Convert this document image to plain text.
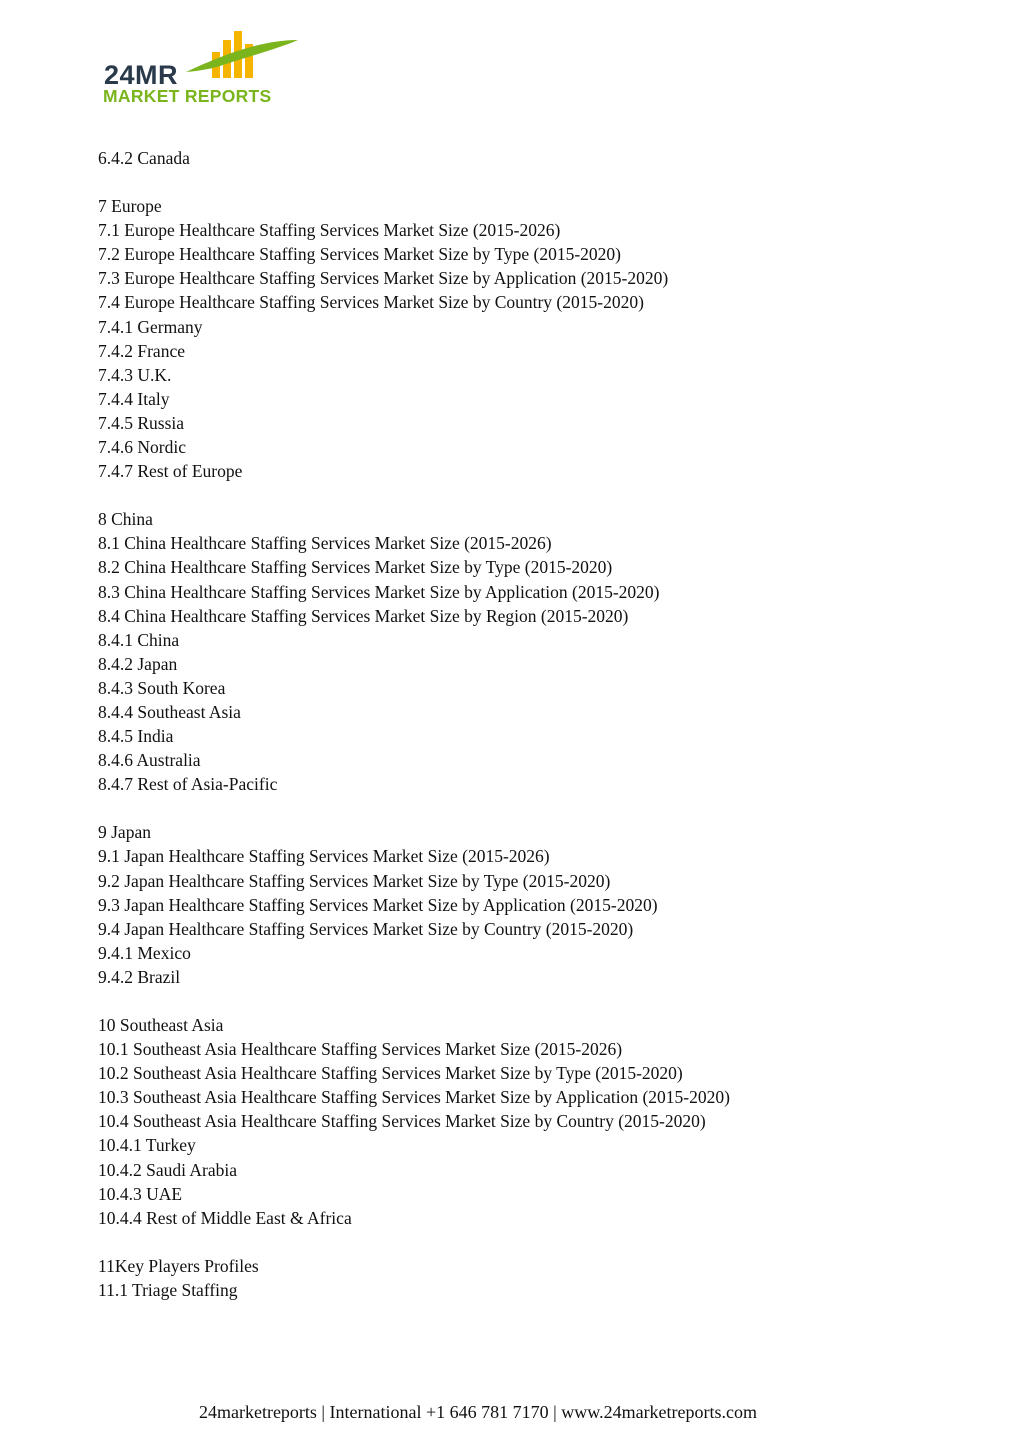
24MR
MARKET REPORTS
6.4.2 Canada
7 Europe
7.1 Europe Healthcare Staffing Services Market Size (2015-2026)
7.2 Europe Healthcare Staffing Services Market Size by Type (2015-2020)
7.3 Europe Healthcare Staffing Services Market Size by Application (2015-2020)
7.4 Europe Healthcare Staffing Services Market Size by Country (2015-2020)
7.4.1 Germany
7.4.2 France
7.4.3 U.K.
7.4.4 Italy
7.4.5 Russia
7.4.6 Nordic
7.4.7 Rest of Europe
8 China
8.1 China Healthcare Staffing Services Market Size (2015-2026)
8.2 China Healthcare Staffing Services Market Size by Type (2015-2020)
8.3 China Healthcare Staffing Services Market Size by Application (2015-2020)
8.4 China Healthcare Staffing Services Market Size by Region (2015-2020)
8.4.1 China
8.4.2 Japan
8.4.3 South Korea
8.4.4 Southeast Asia
8.4.5 India
8.4.6 Australia
8.4.7 Rest of Asia-Pacific
9 Japan
9.1 Japan Healthcare Staffing Services Market Size (2015-2026)
9.2 Japan Healthcare Staffing Services Market Size by Type (2015-2020)
9.3 Japan Healthcare Staffing Services Market Size by Application (2015-2020)
9.4 Japan Healthcare Staffing Services Market Size by Country (2015-2020)
9.4.1 Mexico
9.4.2 Brazil
10 Southeast Asia
10.1 Southeast Asia Healthcare Staffing Services Market Size (2015-2026)
10.2 Southeast Asia Healthcare Staffing Services Market Size by Type (2015-2020)
10.3 Southeast Asia Healthcare Staffing Services Market Size by Application (2015-2020)
10.4 Southeast Asia Healthcare Staffing Services Market Size by Country (2015-2020)
10.4.1 Turkey
10.4.2 Saudi Arabia
10.4.3 UAE
10.4.4 Rest of Middle East & Africa
11Key Players Profiles
11.1 Triage Staffing
24marketreports | International +1 646 781 7170 | www.24marketreports.com
